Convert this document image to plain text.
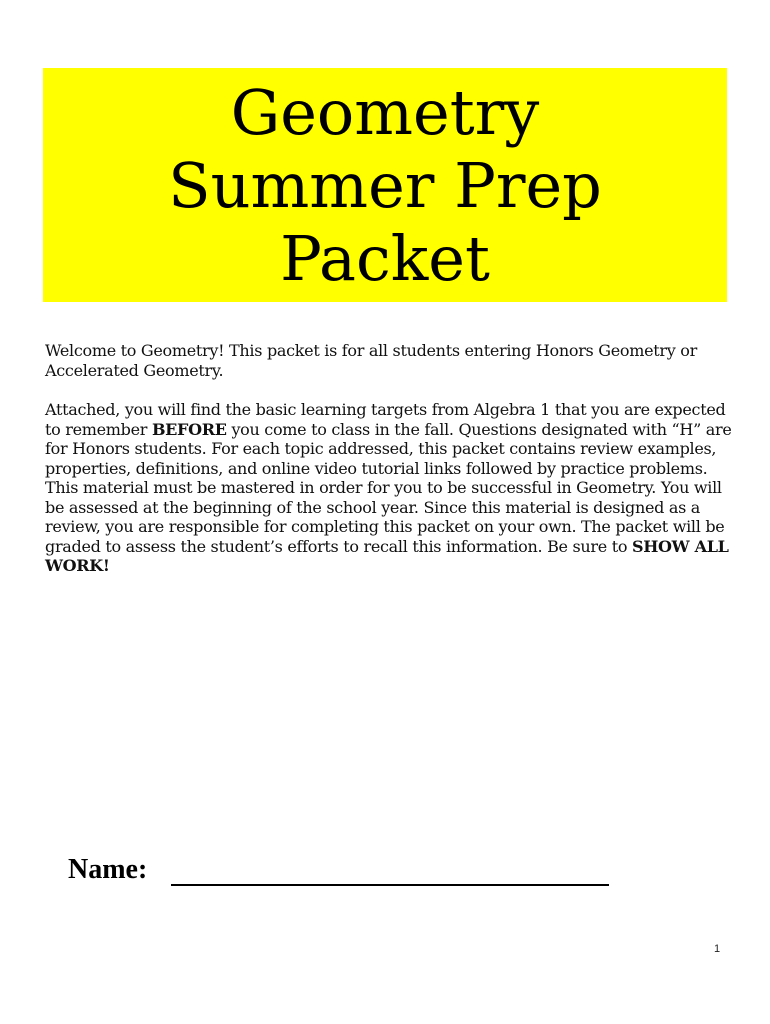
Geometry
Summer Prep
Packet

Welcome to Geometry! This packet is for all students entering Honors Geometry or Accelerated Geometry.

Attached, you will find the basic learning targets from Algebra 1 that you are expected to remember BEFORE you come to class in the fall. Questions designated with “H” are for Honors students. For each topic addressed, this packet contains review examples, properties, definitions, and online video tutorial links followed by practice problems. This material must be mastered in order for you to be successful in Geometry. You will be assessed at the beginning of the school year. Since this material is designed as a review, you are responsible for completing this packet on your own. The packet will be graded to assess the student’s efforts to recall this information. Be sure to SHOW ALL WORK!

Name:
1
